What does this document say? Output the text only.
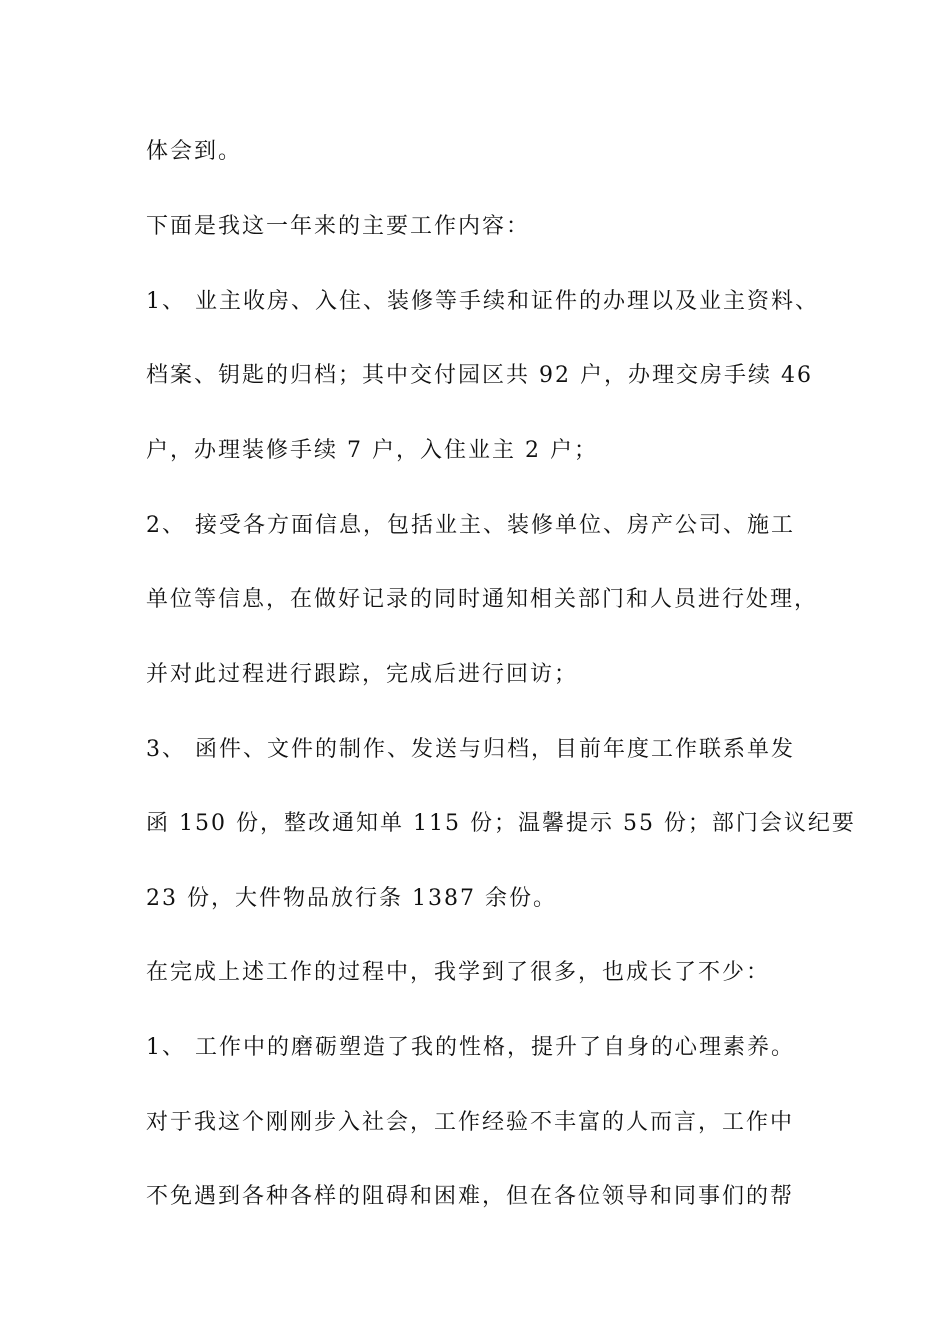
体会到。
下面是我这一年来的主要工作内容：
1、 业主收房、入住、装修等手续和证件的办理以及业主资料、
档案、钥匙的归档；其中交付园区共 92 户，办理交房手续 46
户，办理装修手续 7 户，入住业主 2 户；
2、 接受各方面信息，包括业主、装修单位、房产公司、施工
单位等信息，在做好记录的同时通知相关部门和人员进行处理，
并对此过程进行跟踪，完成后进行回访；
3、 函件、文件的制作、发送与归档，目前年度工作联系单发
函 150 份，整改通知单 115 份；温馨提示 55 份；部门会议纪要
23 份，大件物品放行条 1387 余份。
在完成上述工作的过程中，我学到了很多，也成长了不少：
1、 工作中的磨砺塑造了我的性格，提升了自身的心理素养。
对于我这个刚刚步入社会，工作经验不丰富的人而言，工作中
不免遇到各种各样的阻碍和困难，但在各位领导和同事们的帮
